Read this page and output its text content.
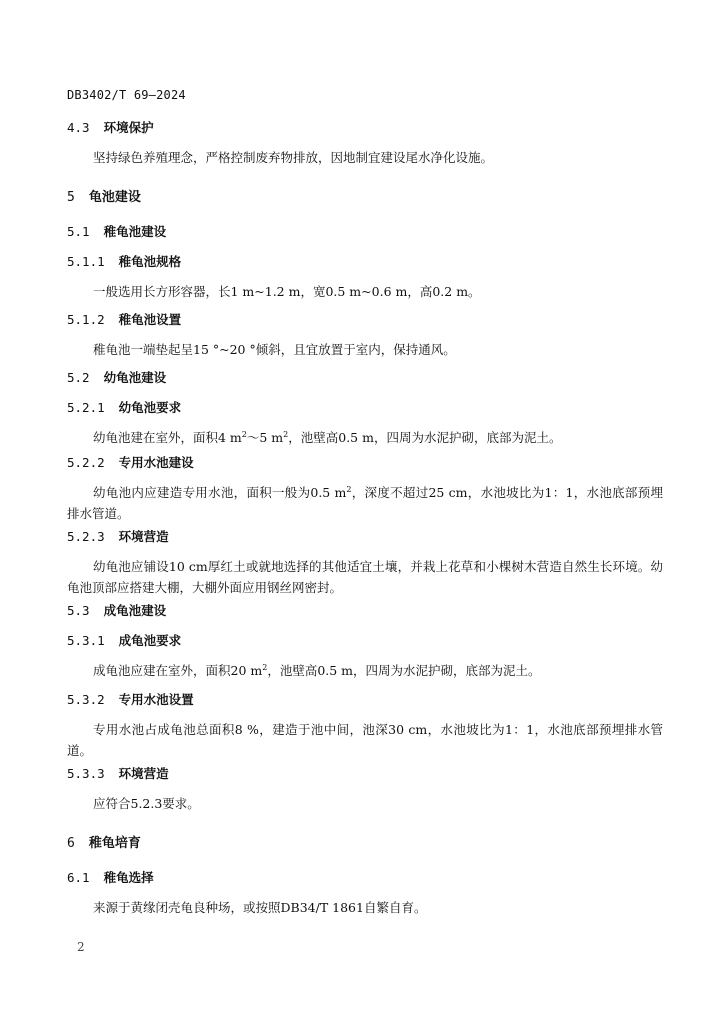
DB3402/T 69—2024
4.3 环境保护
坚持绿色养殖理念，严格控制废弃物排放，因地制宜建设尾水净化设施。
5 龟池建设
5.1 稚龟池建设
5.1.1 稚龟池规格
一般选用长方形容器，长1 m~1.2 m，宽0.5 m~0.6 m，高0.2 m。
5.1.2 稚龟池设置
稚龟池一端垫起呈15 °~20 °倾斜，且宜放置于室内，保持通风。
5.2 幼龟池建设
5.2.1 幼龟池要求
幼龟池建在室外，面积4 $m^2\sim 5$ $m^2$，池壁高0.5 m，四周为水泥护砌，底部为泥土。
5.2.2 专用水池建设
幼龟池内应建造专用水池，面积一般为0.5 $m^2$，深度不超过25 cm，水池坡比为1：1，水池底部预埋排水管道。
5.2.3 环境营造
幼龟池应铺设10 cm厚红土或就地选择的其他适宜土壤，并栽上花草和小棵树木营造自然生长环境。幼龟池顶部应搭建大棚，大棚外面应用钢丝网密封。
5.3 成龟池建设
5.3.1 成龟池要求
成龟池应建在室外，面积20 $m^2$，池壁高0.5 m，四周为水泥护砌，底部为泥土。
5.3.2 专用水池设置
专用水池占成龟池总面积8 %，建造于池中间，池深30 cm，水池坡比为1：1，水池底部预埋排水管道。
5.3.3 环境营造
应符合5.2.3要求。
6 稚龟培育
6.1 稚龟选择
来源于黄缘闭壳龟良种场，或按照DB34/T 1861自繁自育。
2
